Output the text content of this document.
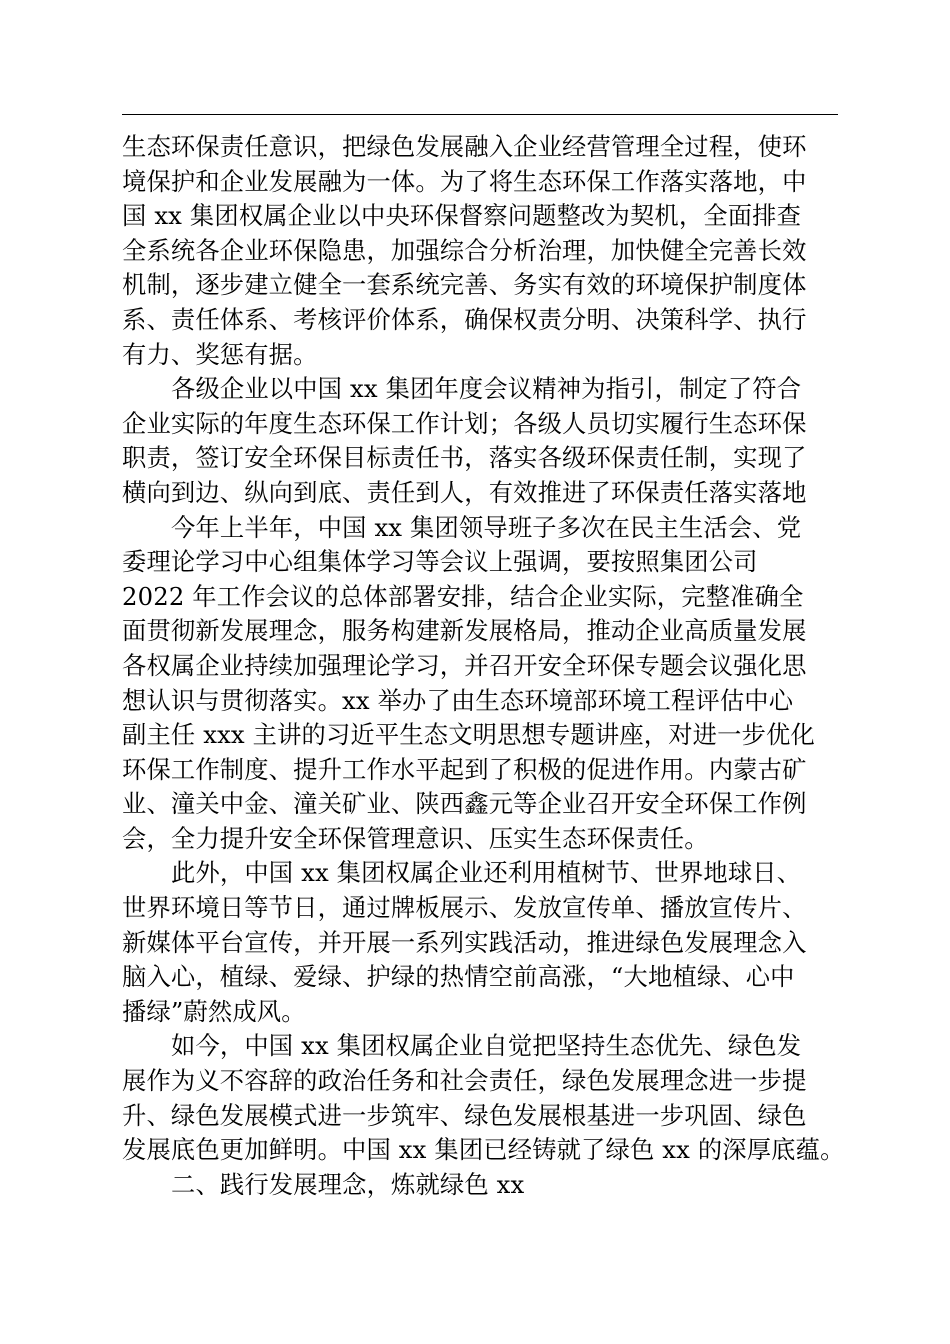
生态环保责任意识，把绿色发展融入企业经营管理全过程，使环
境保护和企业发展融为一体。为了将生态环保工作落实落地，中
国 xx 集团权属企业以中央环保督察问题整改为契机，全面排查
全系统各企业环保隐患，加强综合分析治理，加快健全完善长效
机制，逐步建立健全一套系统完善、务实有效的环境保护制度体
系、责任体系、考核评价体系，确保权责分明、决策科学、执行
有力、奖惩有据。
各级企业以中国 xx 集团年度会议精神为指引，制定了符合
企业实际的年度生态环保工作计划；各级人员切实履行生态环保
职责，签订安全环保目标责任书，落实各级环保责任制，实现了
横向到边、纵向到底、责任到人，有效推进了环保责任落实落地
今年上半年，中国 xx 集团领导班子多次在民主生活会、党
委理论学习中心组集体学习等会议上强调，要按照集团公司
2022 年工作会议的总体部署安排，结合企业实际，完整准确全
面贯彻新发展理念，服务构建新发展格局，推动企业高质量发展
各权属企业持续加强理论学习，并召开安全环保专题会议强化思
想认识与贯彻落实。xx 举办了由生态环境部环境工程评估中心
副主任 xxx 主讲的习近平生态文明思想专题讲座，对进一步优化
环保工作制度、提升工作水平起到了积极的促进作用。内蒙古矿
业、潼关中金、潼关矿业、陕西鑫元等企业召开安全环保工作例
会，全力提升安全环保管理意识、压实生态环保责任。
此外，中国 xx 集团权属企业还利用植树节、世界地球日、
世界环境日等节日，通过牌板展示、发放宣传单、播放宣传片、
新媒体平台宣传，并开展一系列实践活动，推进绿色发展理念入
脑入心，植绿、爱绿、护绿的热情空前高涨，“大地植绿、心中
播绿”蔚然成风。
如今，中国 xx 集团权属企业自觉把坚持生态优先、绿色发
展作为义不容辞的政治任务和社会责任，绿色发展理念进一步提
升、绿色发展模式进一步筑牢、绿色发展根基进一步巩固、绿色
发展底色更加鲜明。中国 xx 集团已经铸就了绿色 xx 的深厚底蕴。
二、践行发展理念，炼就绿色 xx
